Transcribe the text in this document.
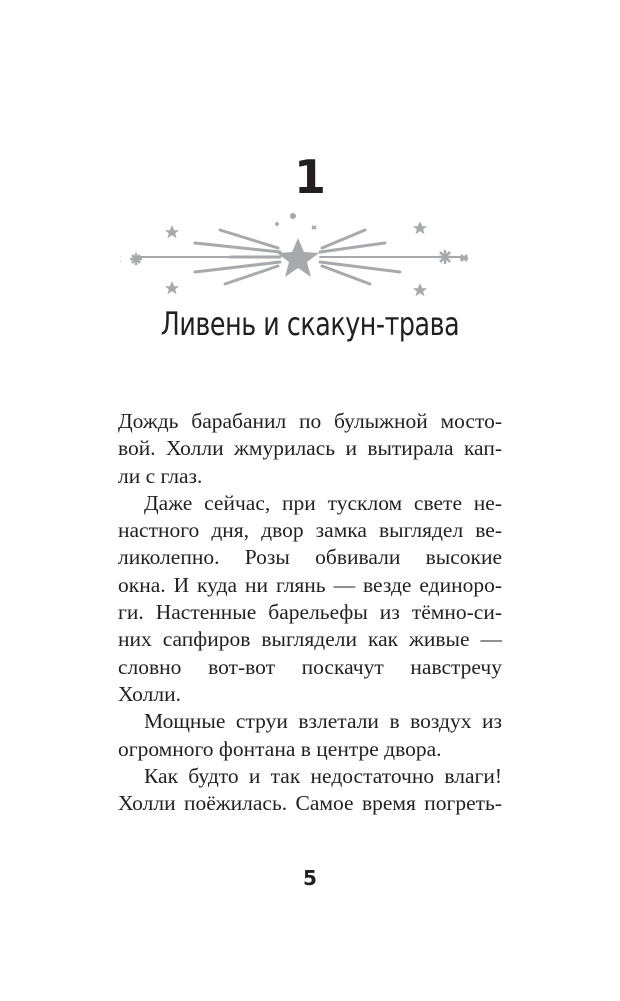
1
Ливень и скакун-трава
Дождь барабанил по булыжной мосто-
вой. Холли жмурилась и вытирала кап-
ли с глаз.
Даже сейчас, при тусклом свете не-
настного дня, двор замка выглядел ве-
ликолепно. Розы обвивали высокие
окна. И куда ни глянь — везде единоро-
ги. Настенные барельефы из тёмно-си-
них сапфиров выглядели как живые —
словно вот-вот поскачут навстречу
Холли.
Мощные струи взлетали в воздух из
огромного фонтана в центре двора.
Как будто и так недостаточно влаги!
Холли поёжилась. Самое время погреть-
5
